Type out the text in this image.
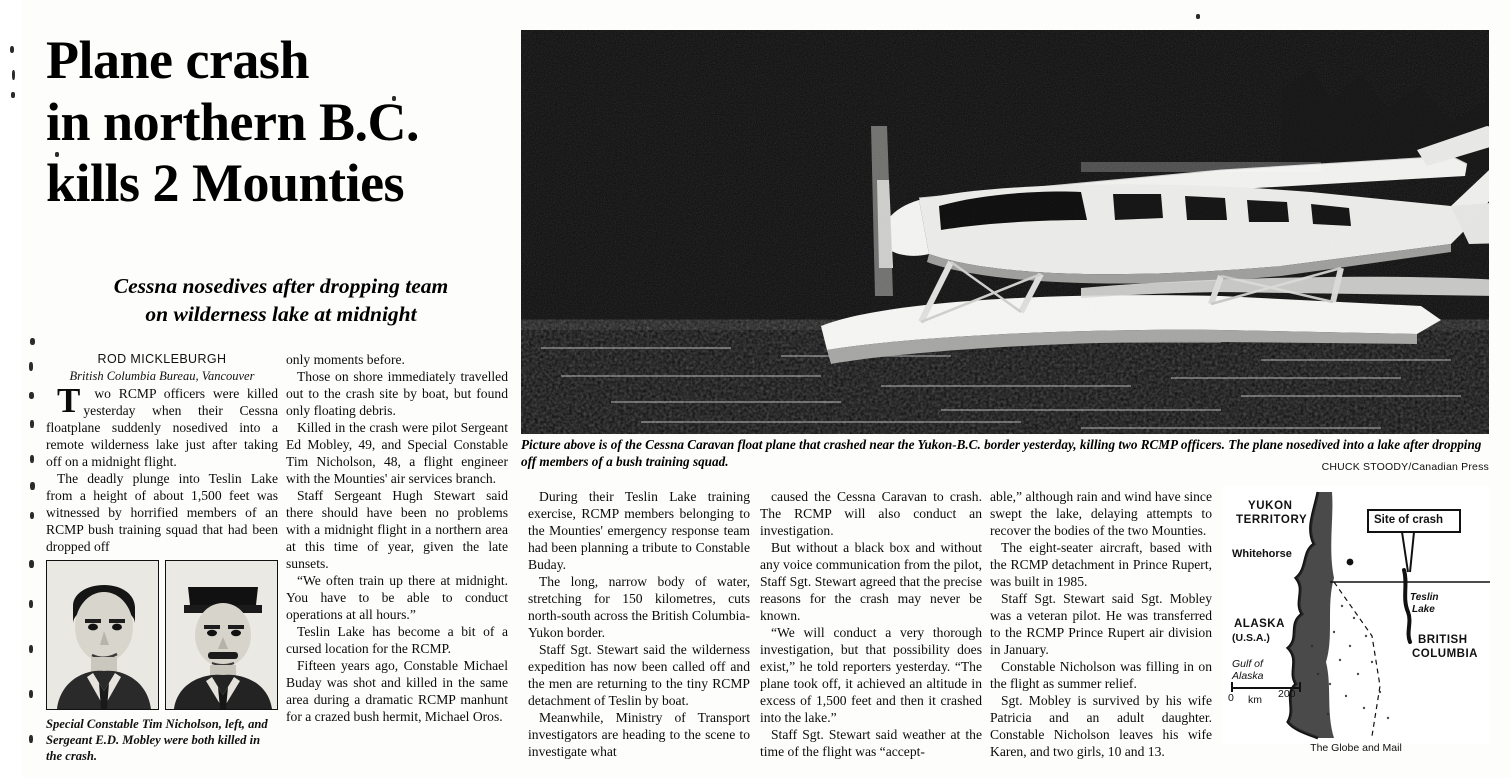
Plane crash
in northern B.C.
kills 2 Mounties
Cessna nosedives after dropping team
on wilderness lake at midnight
ROD MICKLEBURGH
British Columbia Bureau, Vancouver

T wo RCMP officers were killed yesterday when their Cessna floatplane suddenly nosedived into a remote wilderness lake just after taking off on a midnight flight.

The deadly plunge into Teslin Lake from a height of about 1,500 feet was witnessed by horrified members of an RCMP bush training squad that had been dropped off

only moments before.

Those on shore immediately travelled out to the crash site by boat, but found only floating debris.

Killed in the crash were pilot Sergeant Ed Mobley, 49, and Special Constable Tim Nicholson, 48, a flight engineer with the Mounties' air services branch.

Staff Sergeant Hugh Stewart said there should have been no problems with a midnight flight in a northern area at this time of year, given the late sunsets.

“We often train up there at midnight. You have to be able to conduct operations at all hours.”

Teslin Lake has become a bit of a cursed location for the RCMP.

Fifteen years ago, Constable Michael Buday was shot and killed in the same area during a dramatic RCMP manhunt for a crazed bush hermit, Michael Oros.

During their Teslin Lake training exercise, RCMP members belonging to the Mounties' emergency response team had been planning a tribute to Constable Buday.

The long, narrow body of water, stretching for 150 kilometres, cuts north-south across the British Columbia-Yukon border.

Staff Sgt. Stewart said the wilderness expedition has now been called off and the men are returning to the tiny RCMP detachment of Teslin by boat.

Meanwhile, Ministry of Transport investigators are heading to the scene to investigate what

caused the Cessna Caravan to crash. The RCMP will also conduct an investigation.

But without a black box and without any voice communication from the pilot, Staff Sgt. Stewart agreed that the precise reasons for the crash may never be known.

“We will conduct a very thorough investigation, but that possibility does exist,” he told reporters yesterday. “The plane took off, it achieved an altitude in excess of 1,500 feet and then it crashed into the lake.”

Staff Sgt. Stewart said weather at the time of the flight was “accept-

able,” although rain and wind have since swept the lake, delaying attempts to recover the bodies of the two Mounties.

The eight-seater aircraft, based with the RCMP detachment in Prince Rupert, was built in 1985.

Staff Sgt. Stewart said Sgt. Mobley was a veteran pilot. He was transferred to the RCMP Prince Rupert air division in January.

Constable Nicholson was filling in on the flight as summer relief.

Sgt. Mobley is survived by his wife Patricia and an adult daughter. Constable Nicholson leaves his wife Karen, and two girls, 10 and 13.

Picture above is of the Cessna Caravan float plane that crashed near the Yukon-B.C. border yesterday, killing two RCMP officers. The plane nosedived into a lake after dropping off members of a bush training squad.	CHUCK STOODY/Canadian Press
Special Constable Tim Nicholson, left, and Sergeant E.D. Mobley were both killed in the crash.
YUKON
TERRITORY	Site of crash
Whitehorse
Teslin
Lake
ALASKA
(U.S.A.)	BRITISH
COLUMBIA
Gulf of
Alaska
0 km 200
The Globe and Mail
